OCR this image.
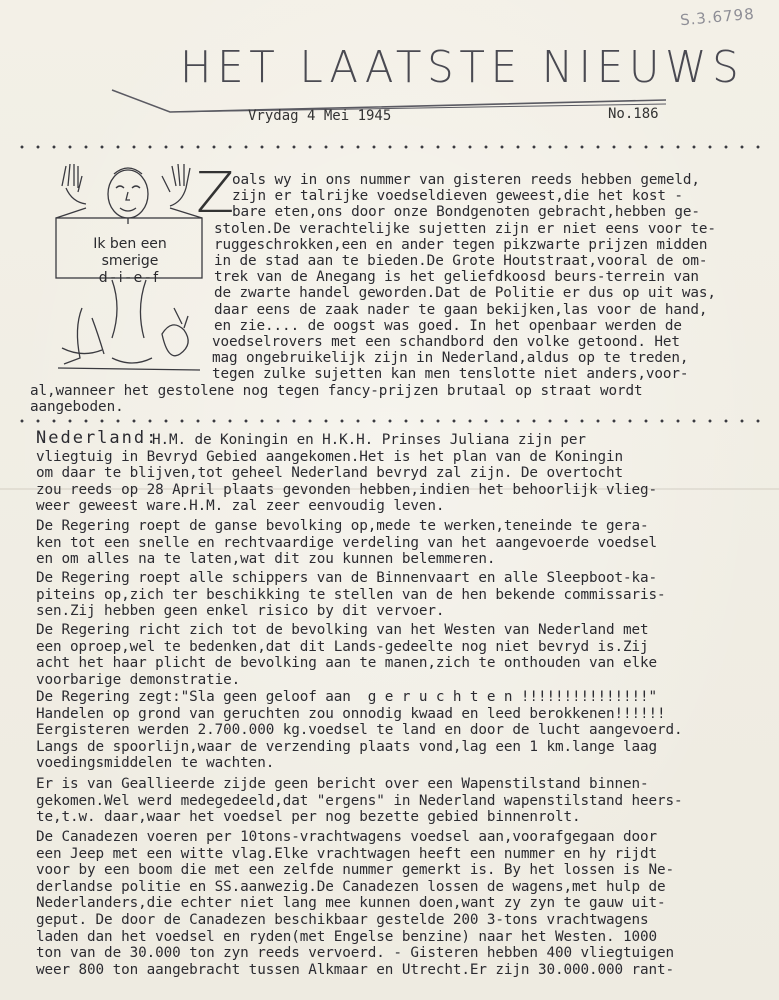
S.3.6798
HET LAATSTE NIEUWS
Vrydag 4 Mei 1945	No.186
Ik ben een
smerige
d-i-e-f
Z
oals wy in ons nummer van gisteren reeds hebben gemeld,
zijn er talrijke voedseldieven geweest,die het kost -
bare eten,ons door onze Bondgenoten gebracht,hebben ge-
stolen.De verachtelijke sujetten zijn er niet eens voor te-
ruggeschrokken,een en ander tegen pikzwarte prijzen midden
in de stad aan te bieden.De Grote Houtstraat,vooral de om-
trek van de Anegang is het geliefdkoosd beurs-terrein van
de zwarte handel geworden.Dat de Politie er dus op uit was,
daar eens de zaak nader te gaan bekijken,las voor de hand,
en zie.... de oogst was goed. In het openbaar werden de
voedselrovers met een schandbord den volke getoond. Het
mag ongebruikelijk zijn in Nederland,aldus op te treden,
tegen zulke sujetten kan men tenslotte niet anders,voor-
al,wanneer het gestolene nog tegen fancy-prijzen brutaal op straat wordt
aangeboden.
Nederland:
H.M. de Koningin en H.K.H. Prinses Juliana zijn per
vliegtuig in Bevryd Gebied aangekomen.Het is het plan van de Koningin
om daar te blijven,tot geheel Nederland bevryd zal zijn. De overtocht
zou reeds op 28 April plaats gevonden hebben,indien het behoorlijk vlieg-
weer geweest ware.H.M. zal zeer eenvoudig leven.
De Regering roept de ganse bevolking op,mede te werken,teneinde te gera-
ken tot een snelle en rechtvaardige verdeling van het aangevoerde voedsel
en om alles na te laten,wat dit zou kunnen belemmeren.
De Regering roept alle schippers van de Binnenvaart en alle Sleepboot-ka-
piteins op,zich ter beschikking te stellen van de hen bekende commissaris-
sen.Zij hebben geen enkel risico by dit vervoer.
De Regering richt zich tot de bevolking van het Westen van Nederland met
een oproep,wel te bedenken,dat dit Lands-gedeelte nog niet bevryd is.Zij
acht het haar plicht de bevolking aan te manen,zich te onthouden van elke
voorbarige demonstratie.
De Regering zegt:"Sla geen geloof aan  g e r u c h t e n !!!!!!!!!!!!!!!"
Handelen op grond van geruchten zou onnodig kwaad en leed berokkenen!!!!!!
Eergisteren werden 2.700.000 kg.voedsel te land en door de lucht aangevoerd.
Langs de spoorlijn,waar de verzending plaats vond,lag een 1 km.lange laag
voedingsmiddelen te wachten.
Er is van Geallieerde zijde geen bericht over een Wapenstilstand binnen-
gekomen.Wel werd medegedeeld,dat "ergens" in Nederland wapenstilstand heers-
te,t.w. daar,waar het voedsel per nog bezette gebied binnenrolt.
De Canadezen voeren per 10tons-vrachtwagens voedsel aan,voorafgegaan door
een Jeep met een witte vlag.Elke vrachtwagen heeft een nummer en hy rijdt
voor by een boom die met een zelfde nummer gemerkt is. By het lossen is Ne-
derlandse politie en SS.aanwezig.De Canadezen lossen de wagens,met hulp de
Nederlanders,die echter niet lang mee kunnen doen,want zy zyn te gauw uit-
geput. De door de Canadezen beschikbaar gestelde 200 3-tons vrachtwagens
laden dan het voedsel en ryden(met Engelse benzine) naar het Westen. 1000
ton van de 30.000 ton zyn reeds vervoerd. - Gisteren hebben 400 vliegtuigen
weer 800 ton aangebracht tussen Alkmaar en Utrecht.Er zijn 30.000.000 rant-
